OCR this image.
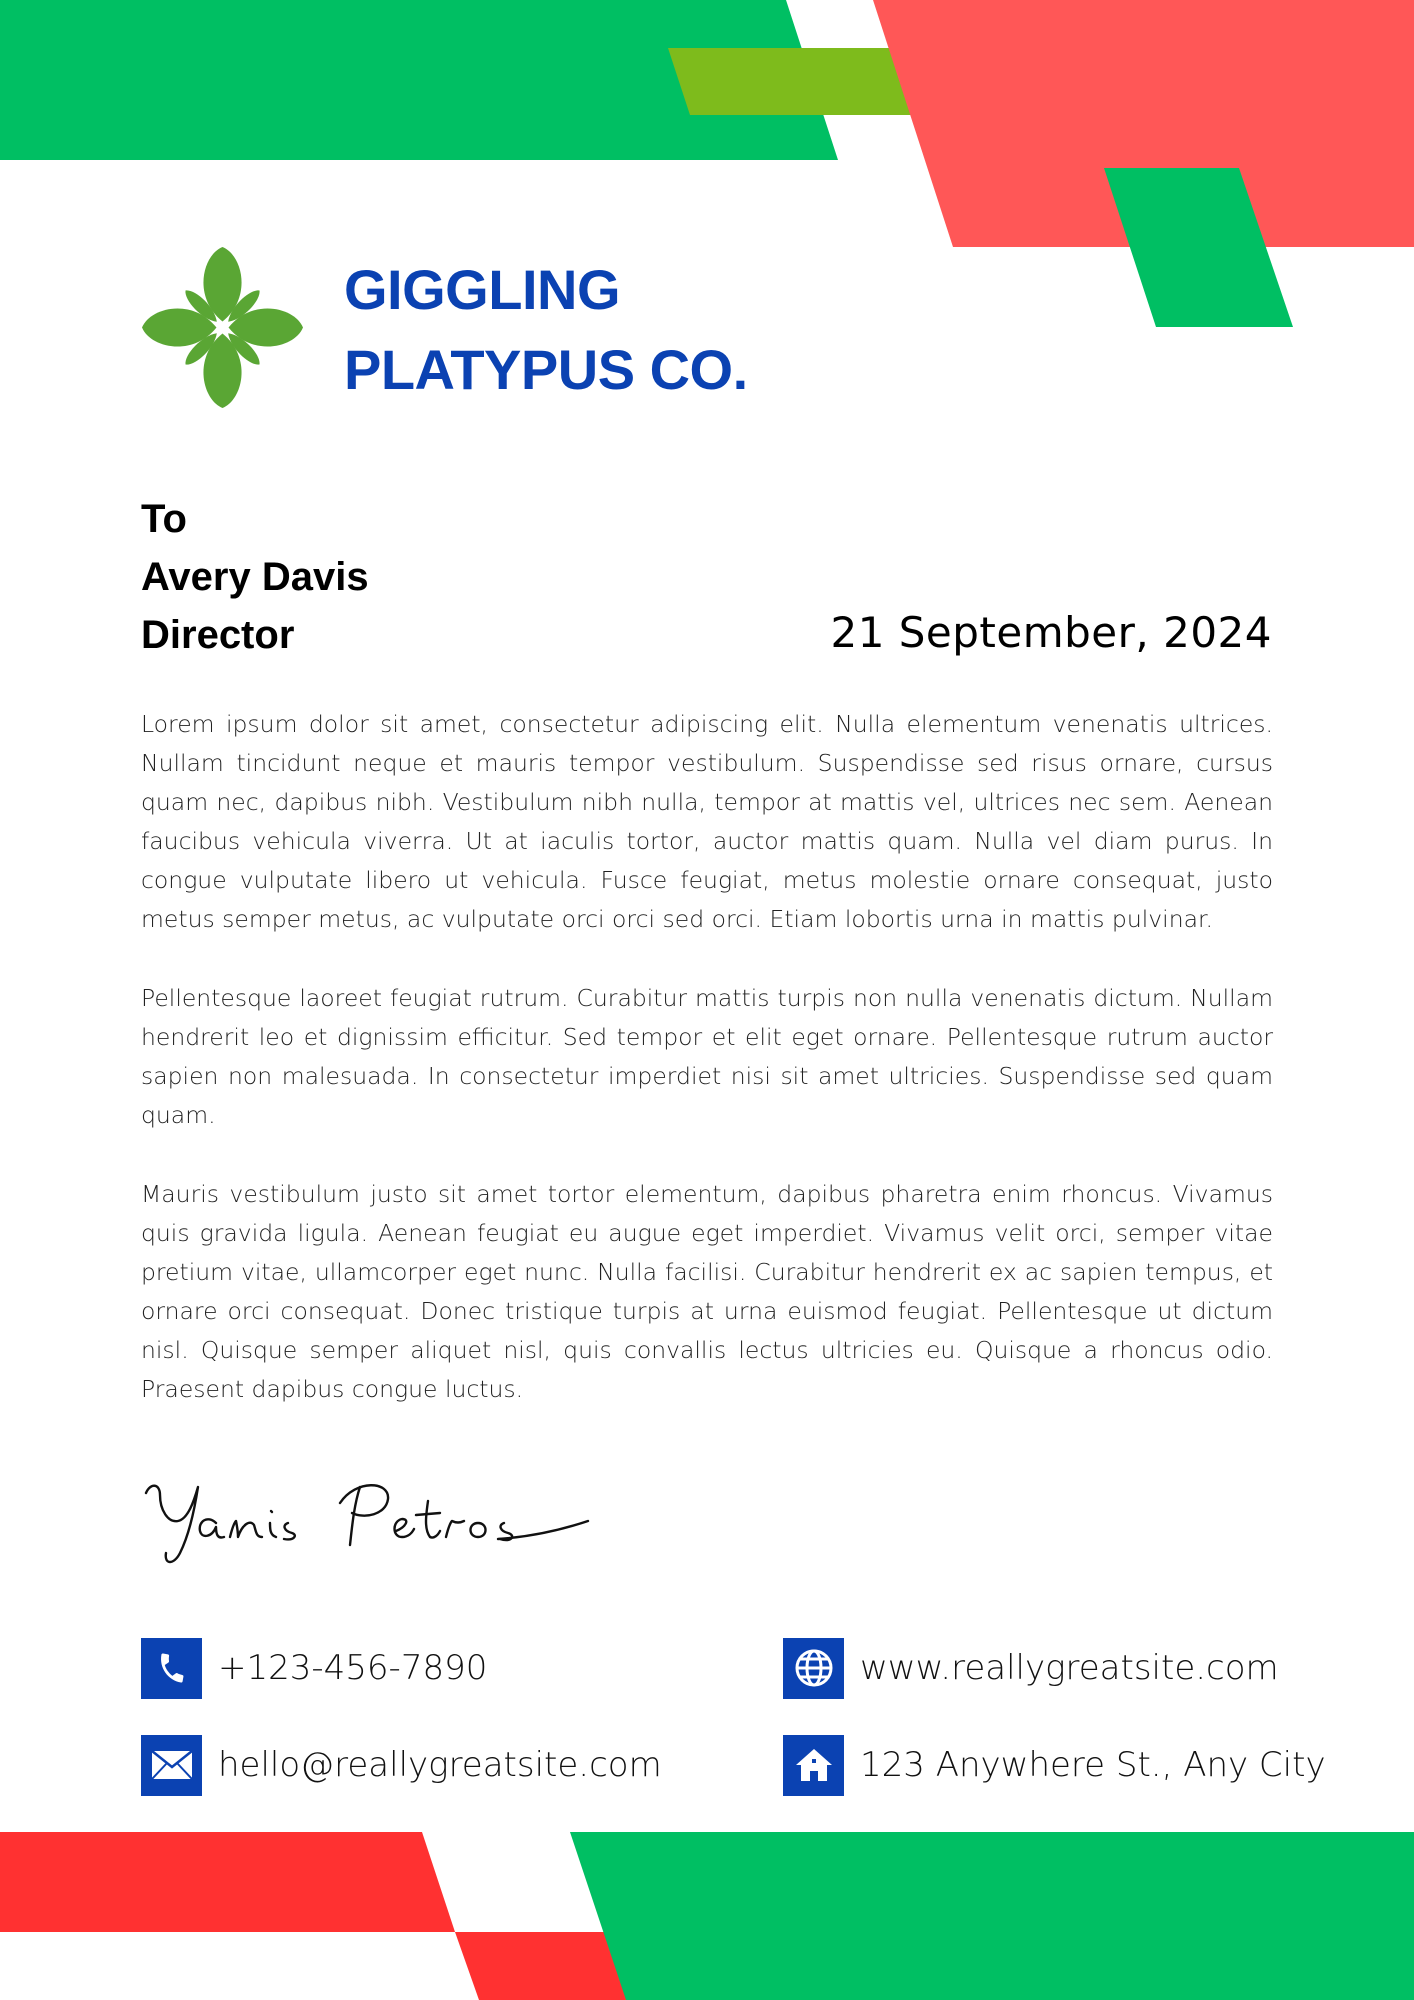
GIGGLING
PLATYPUS CO.
To
Avery Davis
Director	21 September, 2024

Lorem ipsum dolor sit amet, consectetur adipiscing elit. Nulla elementum venenatis ultrices. Nullam tincidunt neque et mauris tempor vestibulum. Suspendisse sed risus ornare, cursus quam nec, dapibus nibh. Vestibulum nibh nulla, tempor at mattis vel, ultrices nec sem. Aenean faucibus vehicula viverra. Ut at iaculis tortor, auctor mattis quam. Nulla vel diam purus. In congue vulputate libero ut vehicula. Fusce feugiat, metus molestie ornare consequat, justo metus semper metus, ac vulputate orci orci sed orci. Etiam lobortis urna in mattis pulvinar.

Pellentesque laoreet feugiat rutrum. Curabitur mattis turpis non nulla venenatis dictum. Nullam hendrerit leo et dignissim efficitur. Sed tempor et elit eget ornare. Pellentesque rutrum auctor sapien non malesuada. In consectetur imperdiet nisi sit amet ultricies. Suspendisse sed quam quam.

Mauris vestibulum justo sit amet tortor elementum, dapibus pharetra enim rhoncus. Vivamus quis gravida ligula. Aenean feugiat eu augue eget imperdiet. Vivamus velit orci, semper vitae pretium vitae, ullamcorper eget nunc. Nulla facilisi. Curabitur hendrerit ex ac sapien tempus, et ornare orci consequat. Donec tristique turpis at urna euismod feugiat. Pellentesque ut dictum nisl. Quisque semper aliquet nisl, quis convallis lectus ultricies eu. Quisque a rhoncus odio. Praesent dapibus congue luctus.

+123-456-7890
hello@reallygreatsite.com
www.reallygreatsite.com
123 Anywhere St., Any City
